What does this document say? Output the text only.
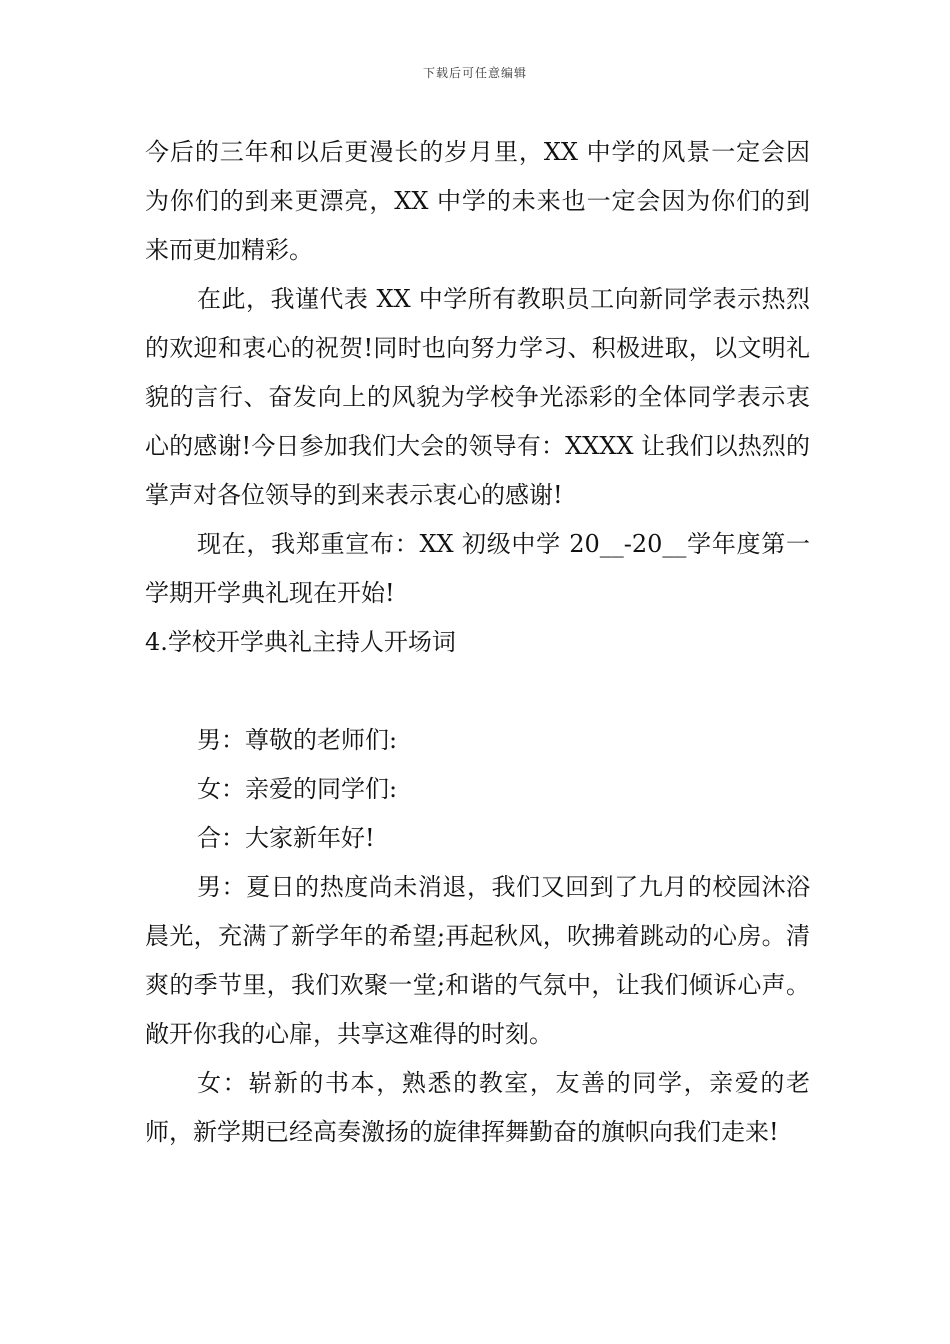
下载后可任意编辑

今后的三年和以后更漫长的岁月里，XX 中学的风景一定会因为你们的到来更漂亮，XX 中学的未来也一定会因为你们的到来而更加精彩。

在此，我谨代表 XX 中学所有教职员工向新同学表示热烈的欢迎和衷心的祝贺!同时也向努力学习、积极进取，以文明礼貌的言行、奋发向上的风貌为学校争光添彩的全体同学表示衷心的感谢!今日参加我们大会的领导有：XXXX 让我们以热烈的掌声对各位领导的到来表示衷心的感谢!

现在，我郑重宣布：XX 初级中学 20__-20__学年度第一学期开学典礼现在开始!

4.学校开学典礼主持人开场词

男：尊敬的老师们:

女：亲爱的同学们:

合：大家新年好!

男：夏日的热度尚未消退，我们又回到了九月的校园沐浴晨光，充满了新学年的希望;再起秋风，吹拂着跳动的心房。清爽的季节里，我们欢聚一堂;和谐的气氛中，让我们倾诉心声。敞开你我的心扉，共享这难得的时刻。

女：崭新的书本，熟悉的教室，友善的同学，亲爱的老师，新学期已经高奏激扬的旋律挥舞勤奋的旗帜向我们走来!
